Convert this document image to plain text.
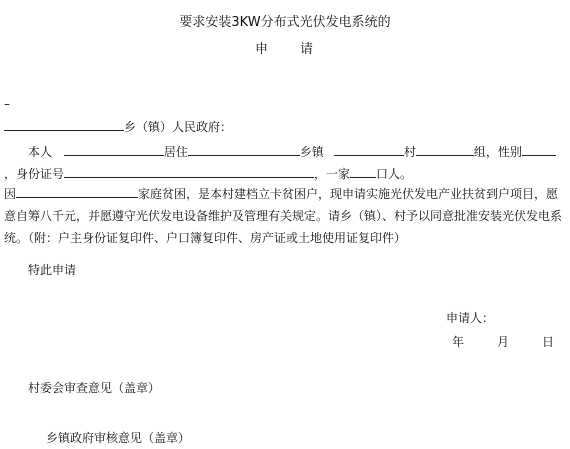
要求安装3KW分布式光伏发电系统的
申　　请
–
乡（镇）人民政府：
本人	居住	乡镇	村	组，性别
，身份证号	，一家 口人。
因	家庭贫困，是本村建档立卡贫困户，现申请实施光伏发电产业扶贫到户项目，愿意自筹八千元，并愿遵守光伏发电设备维护及管理有关规定。请乡（镇）、村予以同意批准安装光伏发电系统。（附：户主身份证复印件、户口簿复印件、房产证或土地使用证复印件）
特此申请
申请人：
年	月	日
村委会审查意见（盖章）
乡镇政府审核意见（盖章）
